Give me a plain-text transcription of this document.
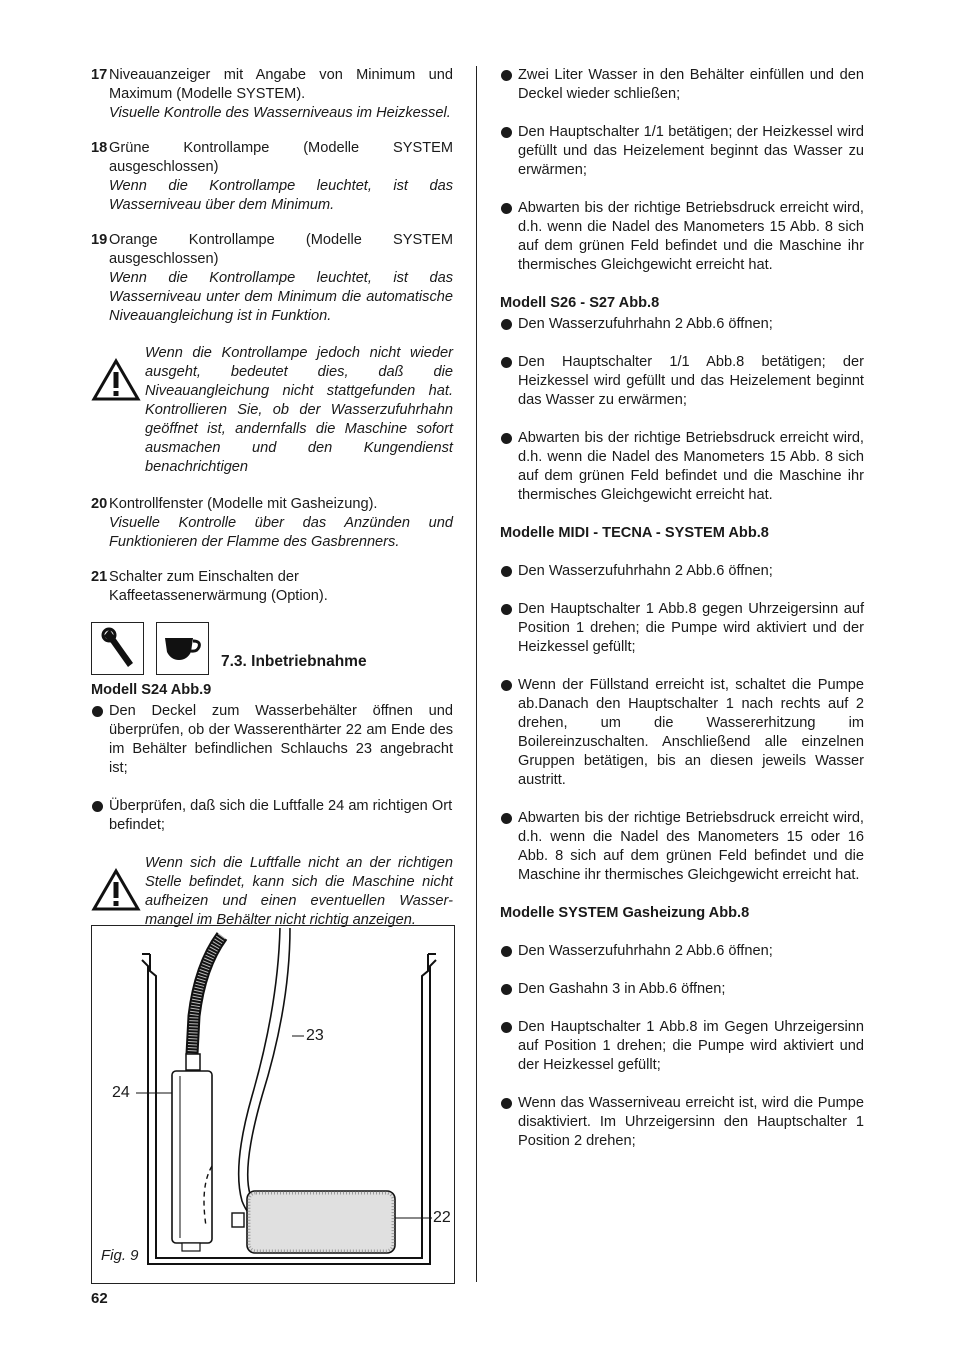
17 Niveauanzeiger mit Angabe von Minimum und Maximum (Modelle SYSTEM).
Visuelle Kontrolle des Wasserniveaus im Heizkessel.
18 Grüne Kontrollampe (Modelle SYSTEM ausgeschlossen)
Wenn die Kontrollampe leuchtet, ist das Wasserniveau über dem Minimum.
19 Orange Kontrollampe (Modelle SYSTEM ausgeschlossen)
Wenn die Kontrollampe leuchtet, ist das Wasserniveau unter dem Minimum die automatische Niveauangleichung ist in Funktion.
Wenn die Kontrollampe jedoch nicht wieder ausgeht, bedeutet dies, daß die Niveauangleichung nicht stattgefunden hat. Kontrollieren Sie, ob der Wasserzufuhrhahn geöffnet ist, andernfalls die Maschine sofort ausmachen und den Kungendienst benachrichtigen
20 Kontrollfenster (Modelle mit Gasheizung).
Visuelle Kontrolle über das Anzünden und Funktionieren der Flamme des Gasbrenners.
21 Schalter zum Einschalten der Kaffeetassenerwärmung (Option).
7.3. Inbetriebnahme
Modell S24 Abb.9
Den Deckel zum Wasserbehälter öffnen und überprüfen, ob der Wasserenthärter 22 am Ende des im Behälter befindlichen Schlauchs 23 angebracht ist;
Überprüfen, daß sich die Luftfalle 24 am richtigen Ort befindet;
Wenn sich die Luftfalle nicht an der richtigen Stelle befindet, kann sich die Maschine nicht aufheizen und einen eventuellen Wasser-mangel im Behälter nicht richtig anzeigen.
23
24
22
Fig. 9
62
Zwei Liter Wasser in den Behälter einfüllen und den Deckel wieder schließen;
Den Hauptschalter 1/1 betätigen; der Heizkessel wird gefüllt und das Heizelement beginnt das Wasser zu erwärmen;
Abwarten bis der richtige Betriebsdruck erreicht wird, d.h. wenn die Nadel des Manometers 15 Abb. 8 sich auf dem grünen Feld befindet und die Maschine ihr thermisches Gleichgewicht erreicht hat.
Modell S26 - S27 Abb.8
Den Wasserzufuhrhahn 2 Abb.6 öffnen;
Den Hauptschalter 1/1 Abb.8 betätigen; der Heizkessel wird gefüllt und das Heizelement beginnt das Wasser zu erwärmen;
Abwarten bis der richtige Betriebsdruck erreicht wird, d.h. wenn die Nadel des Manometers 15 Abb. 8 sich auf dem grünen Feld befindet und die Maschine ihr thermisches Gleichgewicht erreicht hat.
Modelle MIDI - TECNA - SYSTEM Abb.8
Den Wasserzufuhrhahn 2 Abb.6 öffnen;
Den Hauptschalter 1 Abb.8 gegen Uhrzeigersinn auf Position 1 drehen; die Pumpe wird aktiviert und der Heizkessel gefüllt;
Wenn der Füllstand erreicht ist, schaltet die Pumpe ab.Danach den Hauptschalter 1 nach rechts auf 2 drehen, um die Wassererhitzung im Boilereinzuschalten. Anschließend alle einzelnen Gruppen betätigen, bis an diesen jeweils Wasser austritt.
Abwarten bis der richtige Betriebsdruck erreicht wird, d.h. wenn die Nadel des Manometers 15 oder 16 Abb. 8 sich auf dem grünen Feld befindet und die Maschine ihr thermisches Gleichgewicht erreicht hat.
Modelle SYSTEM Gasheizung Abb.8
Den Wasserzufuhrhahn 2 Abb.6 öffnen;
Den Gashahn 3 in Abb.6 öffnen;
Den Hauptschalter 1 Abb.8 im Gegen Uhrzeigersinn auf Position 1 drehen; die Pumpe wird aktiviert und der Heizkessel gefüllt;
Wenn das Wasserniveau erreicht ist, wird die Pumpe disaktiviert. Im Uhrzeigersinn den Hauptschalter 1 Position 2 drehen;
